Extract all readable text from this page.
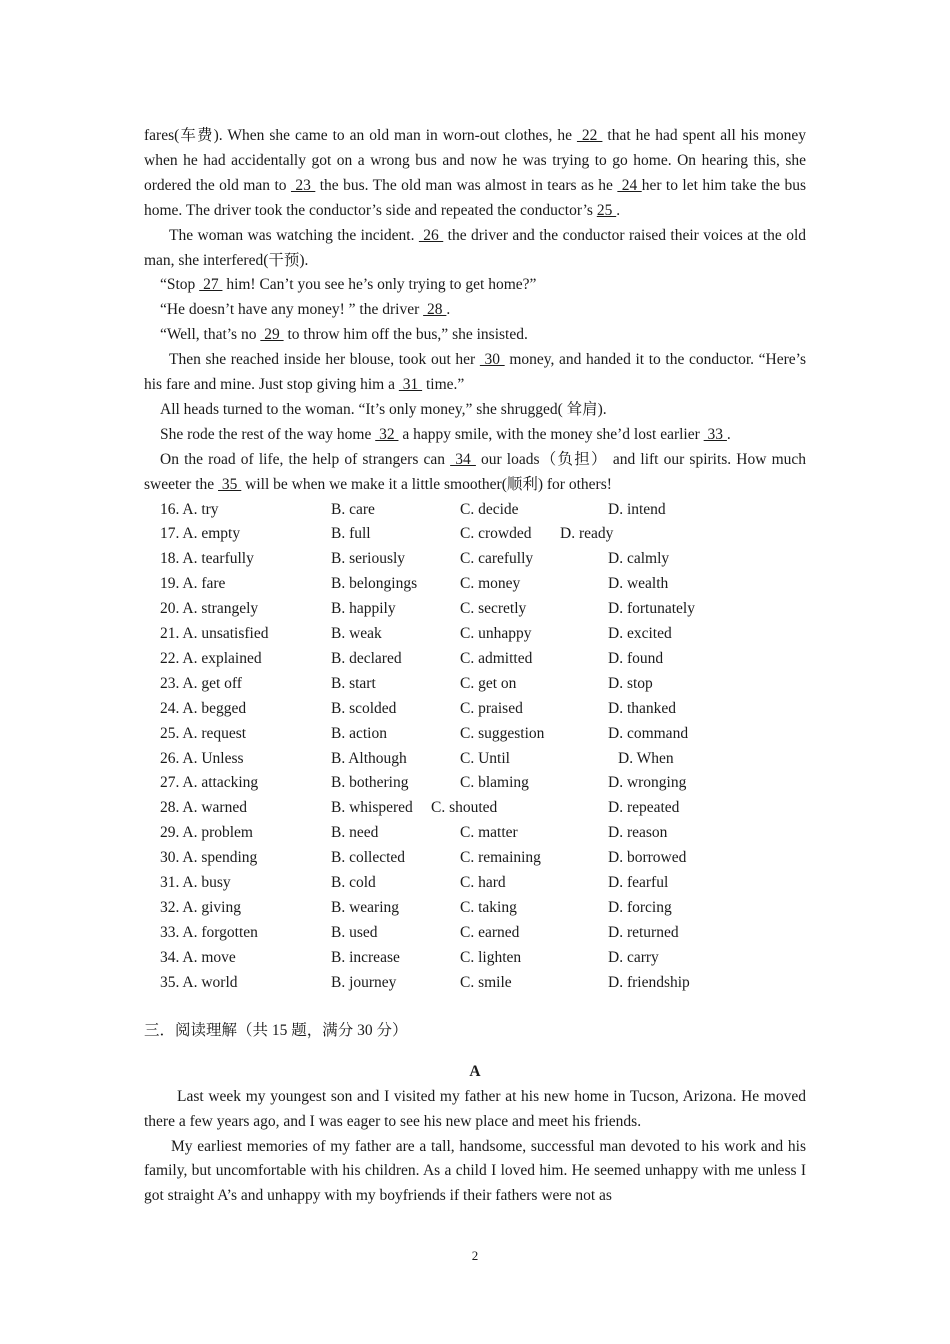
fares(车费). When she came to an old man in worn-out clothes, he  22  that he had spent all his money when he had accidentally got on a wrong bus and now he was trying to go home. On hearing this, she ordered the old man to  23  the bus. The old man was almost in tears as he  24 her to let him take the bus home. The driver took the conductor’s side and repeated the conductor’s 25 .

The woman was watching the incident.  26  the driver and the conductor raised their voices at the old man, she interfered(干预).

“Stop  27  him! Can’t you see he’s only trying to get home?”

“He doesn’t have any money! ” the driver  28 .

“Well, that’s no  29  to throw him off the bus,” she insisted.

Then she reached inside her blouse, took out her  30  money, and handed it to the conductor. “Here’s his fare and mine. Just stop giving him a  31  time.”

All heads turned to the woman. “It’s only money,” she shrugged( 耸肩).

She rode the rest of the way home  32  a happy smile, with the money she’d lost earlier  33 .

On the road of life, the help of strangers can  34  our loads（负担） and lift our spirits. How much sweeter the  35  will be when we make it a little smoother(顺利) for others!

16. A. try	B. care	C. decide	D. intend
17. A. empty	B. full	C. crowded D. ready
18. A. tearfully	B. seriously	C. carefully	D. calmly
19. A. fare	B. belongings	C. money	D. wealth
20. A. strangely	B. happily	C. secretly	D. fortunately
21. A. unsatisfied	B. weak	C. unhappy	D. excited
22. A. explained	B. declared	C. admitted	D. found
23. A. get off	B. start	C. get on	D. stop
24. A. begged	B. scolded	C. praised	D. thanked
25. A. request	B. action	C. suggestion	D. command
26. A. Unless	B. Although	C. Until	D. When
27. A. attacking	B. bothering	C. blaming	D. wronging
28. A. warned	B. whispered C. shouted	D. repeated
29. A. problem	B. need	C. matter	D. reason
30. A. spending	B. collected	C. remaining	D. borrowed
31. A. busy	B. cold	C. hard	D. fearful
32. A. giving	B. wearing	C. taking	D. forcing
33. A. forgotten	B. used	C. earned	D. returned
34. A. move	B. increase	C. lighten	D. carry
35. A. world	B. journey	C. smile	D. friendship

三．阅读理解（共 15 题，满分 30 分）

A

Last week my youngest son and I visited my father at his new home in Tucson, Arizona. He moved there a few years ago, and I was eager to see his new place and meet his friends.

My earliest memories of my father are a tall, handsome, successful man devoted to his work and his family, but uncomfortable with his children. As a child I loved him. He seemed unhappy with me unless I got straight A’s and unhappy with my boyfriends if their fathers were not as

2
